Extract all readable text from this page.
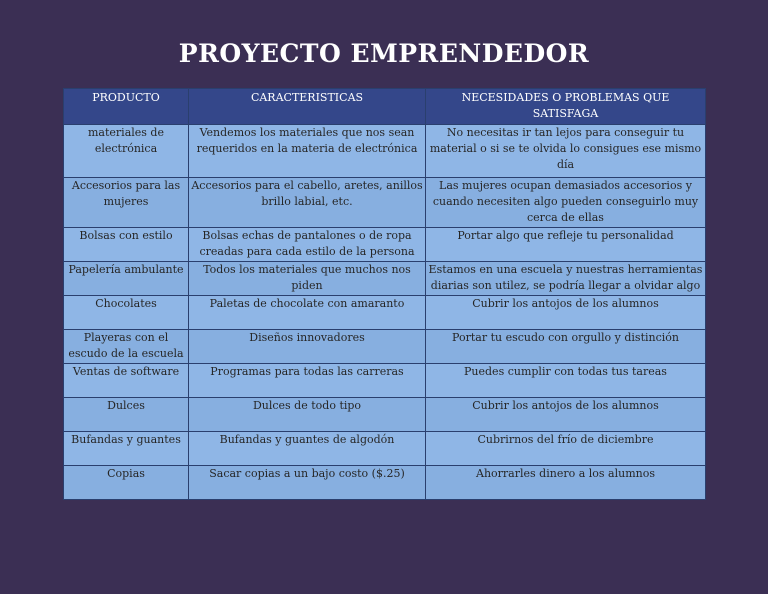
PROYECTO EMPRENDEDOR
PRODUCTO	CARACTERISTICAS	NECESIDADES O PROBLEMAS QUE SATISFAGA
materiales de electrónica	Vendemos los materiales que nos sean requeridos en la materia de electrónica	No necesitas ir tan lejos para conseguir tu material o si se te olvida lo consigues ese mismo día
Accesorios para las mujeres	Accesorios para el cabello, aretes, anillos brillo labial, etc.	Las mujeres ocupan demasiados accesorios y cuando necesiten algo pueden conseguirlo muy cerca de ellas
Bolsas con estilo	Bolsas echas de pantalones o de ropa creadas para cada estilo de la persona	Portar algo que refleje tu personalidad
Papelería ambulante	Todos los materiales que muchos nos piden	Estamos en una escuela y nuestras herramientas diarias son utilez, se podría llegar a olvidar algo
Chocolates	Paletas de chocolate con amaranto	Cubrir los antojos de los alumnos
Playeras con el escudo de la escuela	Diseños innovadores	Portar tu escudo con orgullo y distinción
Ventas de software	Programas para todas las carreras	Puedes cumplir con todas tus tareas
Dulces	Dulces de todo tipo	Cubrir los antojos de los alumnos
Bufandas y guantes	Bufandas y guantes de algodón	Cubrirnos del frío de diciembre
Copias	Sacar copias a un bajo costo ($.25)	Ahorrarles dinero a los alumnos
